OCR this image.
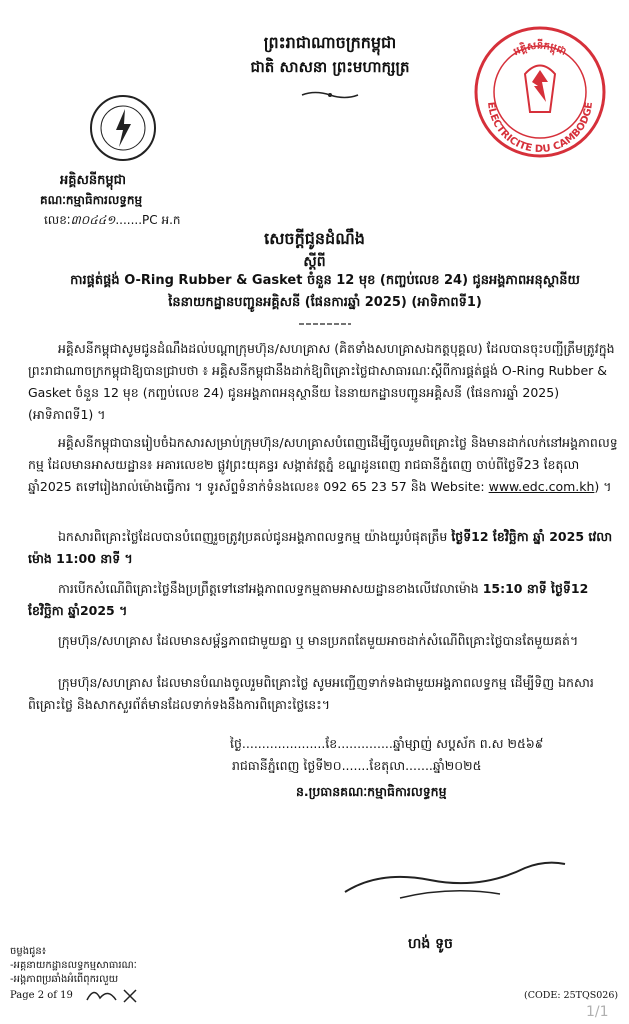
ព្រះរាជាណាចក្រកម្ពុជា
ជាតិ សាសនា ព្រះមហាក្សត្រ
អគ្គិសនីកម្ពុជា
គណៈកម្មាធិការលទ្ធកម្ម
លេខៈ៣០៤៤១.......PC អ.ក
ELECTRICITE DU CAMBODGE
អគ្គិសនីកម្ពុជា
សេចក្តីជូនដំណឹង
ស្តីពី
ការផ្គត់ផ្គង់ O-Ring Rubber & Gasket ចំនួន 12 មុខ (កញ្ចប់លេខ 24) ជូនអង្គភាពអនុស្ថានីយ
នៃនាយកដ្ឋានបញ្ជូនអគ្គិសនី (ផែនការឆ្នាំ 2025) (អាទិភាពទី1)
អគ្គិសនីកម្ពុជាសូមជូនដំណឹងដល់បណ្តាក្រុមហ៊ុន/សហគ្រាស (គិតទាំងសហគ្រាសឯកត្តបុគ្គល) ដែលបានចុះបញ្ជីត្រឹមត្រូវក្នុងព្រះរាជាណាចក្រកម្ពុជាឱ្យបានជ្រាបថា ៖ អគ្គិសនីកម្ពុជានឹងដាក់ឱ្យពិគ្រោះថ្លៃជាសាធារណៈស្តីពីការផ្គត់ផ្គង់ O-Ring Rubber & Gasket ចំនួន 12 មុខ (កញ្ចប់លេខ 24) ជូនអង្គភាពអនុស្ថានីយ នៃនាយកដ្ឋានបញ្ជូនអគ្គិសនី (ផែនការឆ្នាំ 2025) (អាទិភាពទី1) ។
អគ្គិសនីកម្ពុជាបានរៀបចំឯកសារសម្រាប់ក្រុមហ៊ុន/សហគ្រាសបំពេញដើម្បីចូលរួមពិគ្រោះថ្លៃ និងមានដាក់លក់នៅអង្គភាពលទ្ធកម្ម ដែលមានអាសយដ្ឋាន៖ អគារលេខ២ ផ្លូវព្រះយុគន្ធរ សង្កាត់វត្តភ្នំ ខណ្ឌដូនពេញ រាជធានីភ្នំពេញ ចាប់ពីថ្ងៃទី23 ខែតុលា ឆ្នាំ2025 តទៅរៀងរាល់ម៉ោងធ្វើការ ។ ទូរស័ព្ទទំនាក់ទំនងលេខ៖ 092 65 23 57 និង Website: www.edc.com.kh) ។
ឯកសារពិគ្រោះថ្លៃដែលបានបំពេញរួចត្រូវប្រគល់ជូនអង្គភាពលទ្ធកម្ម យ៉ាងយូរបំផុតត្រឹម ថ្ងៃទី12 ខែវិច្ឆិកា ឆ្នាំ 2025 វេលាម៉ោង 11:00 នាទី ។
ការបើកសំណើពិគ្រោះថ្លៃនឹងប្រព្រឹត្តទៅនៅអង្គភាពលទ្ធកម្មតាមអាសយដ្ឋានខាងលើវេលាម៉ោង 15:10 នាទី ថ្ងៃទី12 ខែវិច្ឆិកា ឆ្នាំ2025 ។
ក្រុមហ៊ុន/សហគ្រាស ដែលមានសម្ព័ន្ធភាពជាមួយគ្នា ឬ មានប្រភពតែមួយអាចដាក់សំណើពិគ្រោះថ្លៃបានតែមួយគត់។
ក្រុមហ៊ុន/សហគ្រាស ដែលមានបំណងចូលរួមពិគ្រោះថ្លៃ សូមអញ្ជើញទាក់ទងជាមួយអង្គភាពលទ្ធកម្ម ដើម្បីទិញ ឯកសារពិគ្រោះថ្លៃ និងសាកសួរព័ត៌មានដែលទាក់ទងនឹងការពិគ្រោះថ្លៃនេះ។
ថ្ងៃ.....................ខែ..............ឆ្នាំម្សាញ់ សប្តស័ក ព.ស ២៥៦៩
រាជធានីភ្នំពេញ ថ្ងៃទី២០.......ខែតុលា.......ឆ្នាំ២០២៥
ន.ប្រធានគណៈកម្មាធិការលទ្ធកម្ម
ហង់ ទូច
ចម្លងជូន៖
-អគ្គនាយកដ្ឋានលទ្ធកម្មសាធារណៈ
-អង្គភាពប្រឆាំងអំពើពុករលួយ
Page 2 of 19	(CODE: 25TQS026)
1/1
